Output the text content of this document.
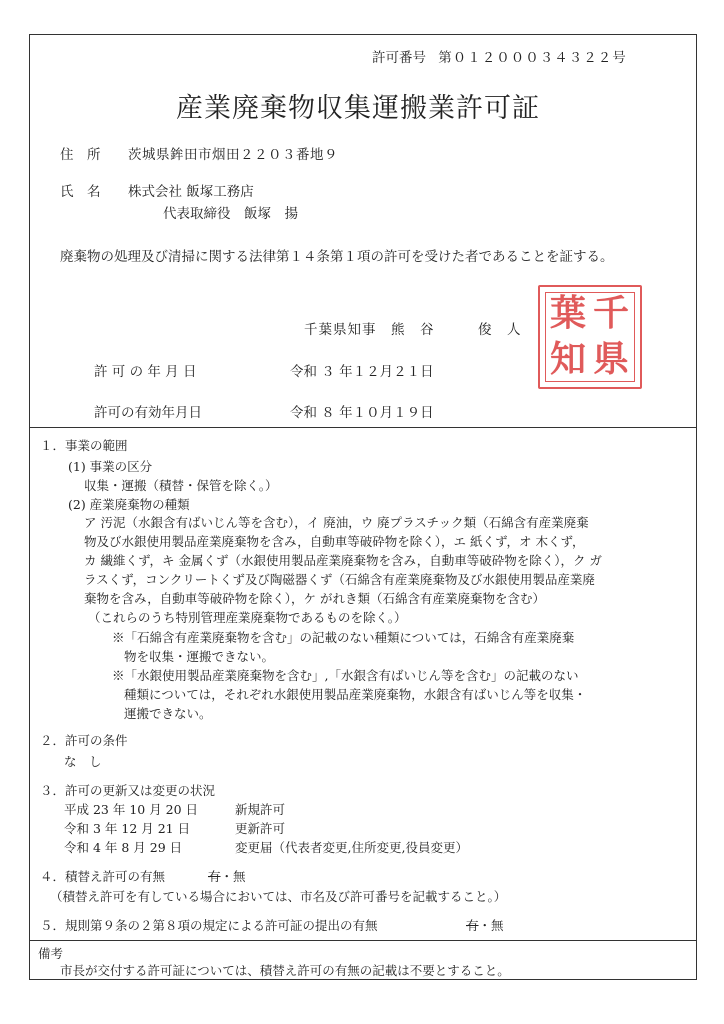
許可番号 第０１２０００３４３２２号
産業廃棄物収集運搬業許可証
住　所 茨城県鉾田市烟田２２０３番地９
氏　名 株式会社 飯塚工務店
代表取締役　飯塚　揚
廃棄物の処理及び清掃に関する法律第１４条第１項の許可を受けた者であることを証する。
千葉県知事　熊　谷　　　俊　人 千
県
葉
知
許 可 の 年 月 日	令和 ３ 年１２月２１日
許可の有効年月日	令和 ８ 年１０月１９日
１．事業の範囲
(1) 事業の区分
収集・運搬（積替・保管を除く。）
(2) 産業廃棄物の種類
ア 汚泥（水銀含有ばいじん等を含む），イ 廃油，ウ 廃プラスチック類（石綿含有産業廃棄
物及び水銀使用製品産業廃棄物を含み，自動車等破砕物を除く），エ 紙くず，オ 木くず，
カ 繊維くず，キ 金属くず（水銀使用製品産業廃棄物を含み，自動車等破砕物を除く），ク ガ
ラスくず，コンクリートくず及び陶磁器くず（石綿含有産業廃棄物及び水銀使用製品産業廃
棄物を含み，自動車等破砕物を除く），ケ がれき類（石綿含有産業廃棄物を含む）
（これらのうち特別管理産業廃棄物であるものを除く。）
※「石綿含有産業廃棄物を含む」の記載のない種類については，石綿含有産業廃棄
物を収集・運搬できない。
※「水銀使用製品産業廃棄物を含む」,「水銀含有ばいじん等を含む」の記載のない
種類については，それぞれ水銀使用製品産業廃棄物，水銀含有ばいじん等を収集・
運搬できない。
２．許可の条件
な　し
３．許可の更新又は変更の状況
平成 23 年 10 月 20 日	新規許可
令和 3 年 12 月 21 日	更新許可
令和 4 年 8 月 29 日	変更届（代表者変更,住所変更,役員変更）
４．積替え許可の有無	有・無
（積替え許可を有している場合においては、市名及び許可番号を記載すること。）
５．規則第９条の２第８項の規定による許可証の提出の有無	有・無
備考
市長が交付する許可証については、積替え許可の有無の記載は不要とすること。
